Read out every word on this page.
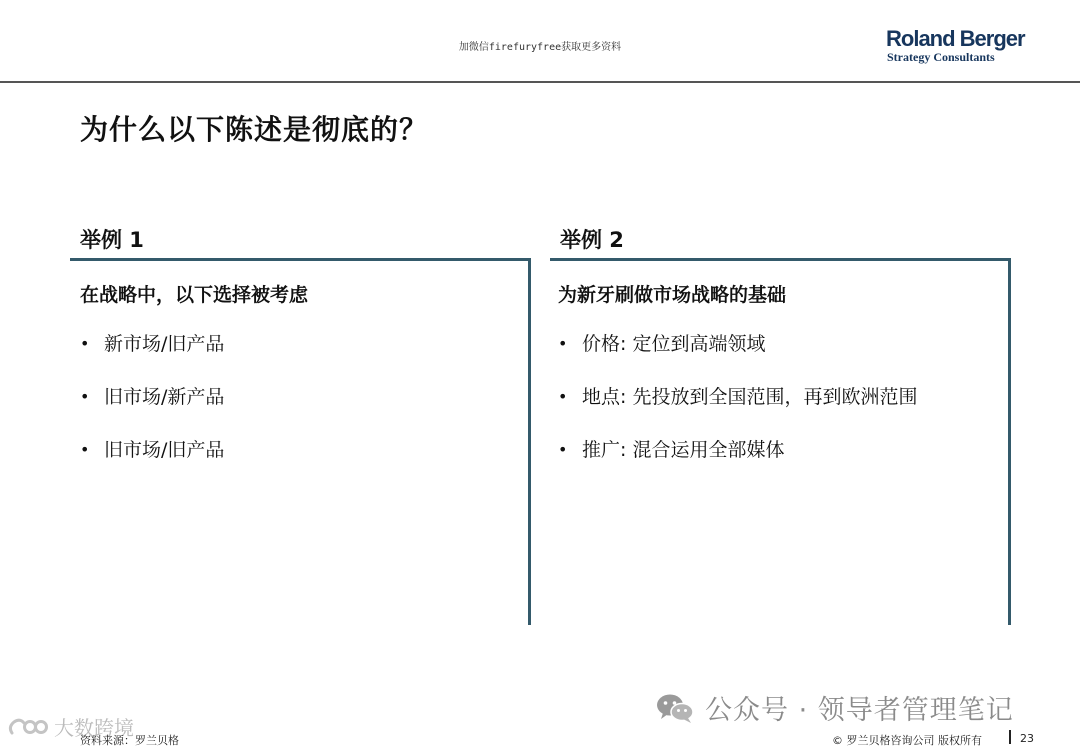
加微信firefuryfree获取更多资料	Roland Berger
Strategy Consultants
为什么以下陈述是彻底的？
举例 1
在战略中，以下选择被考虑
• 新市场/旧产品
• 旧市场/新产品
• 旧市场/旧产品
举例 2
为新牙刷做市场战略的基础
• 价格: 定位到高端领域
• 地点: 先投放到全国范围，再到欧洲范围
• 推广: 混合运用全部媒体
公众号 · 领导者管理笔记
大数跨境
资料来源：罗兰贝格	© 罗兰贝格咨询公司 版权所有	23
